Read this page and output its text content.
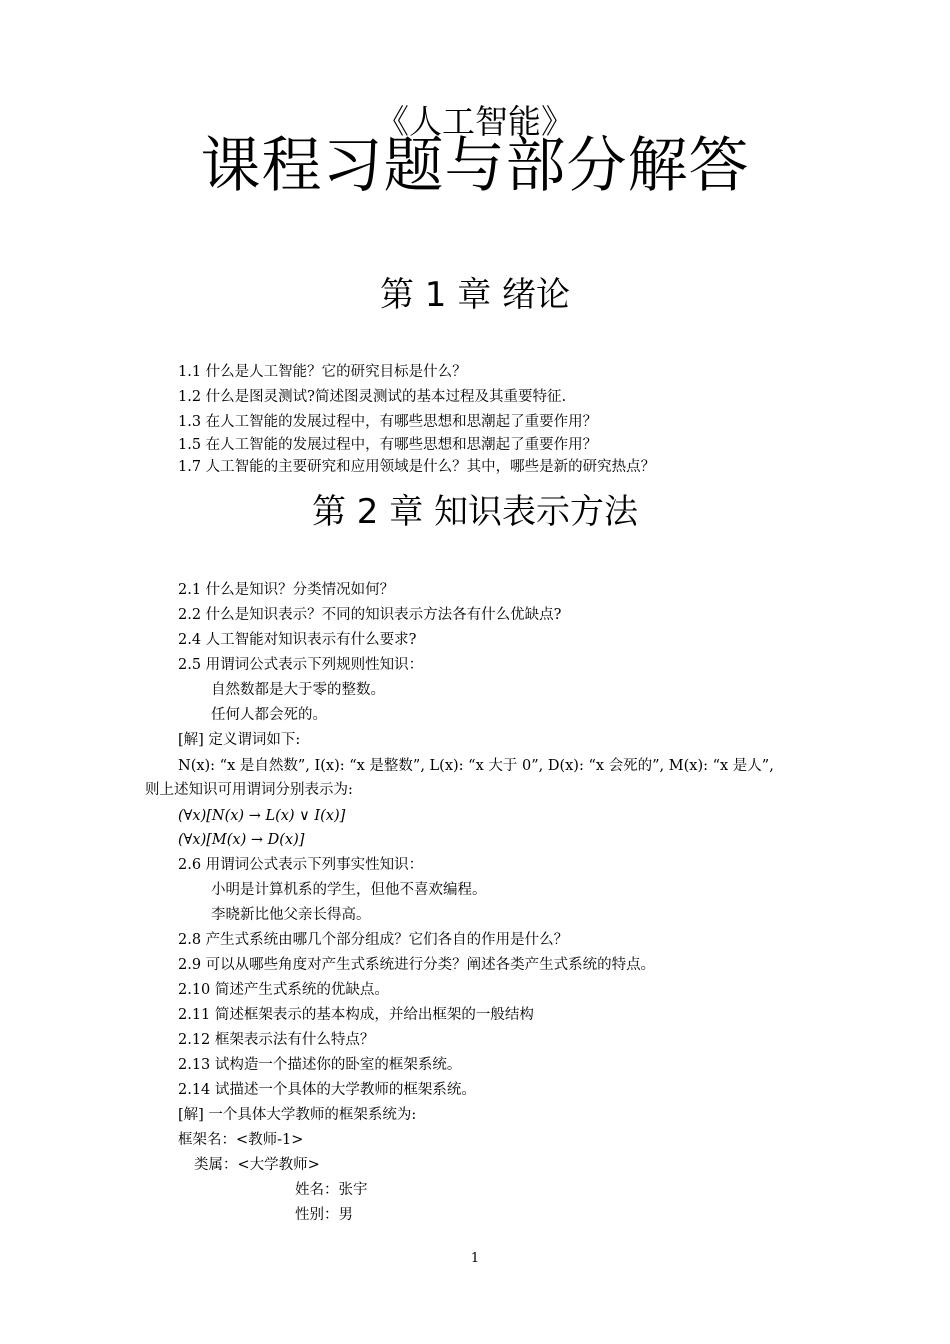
《人工智能》
课程习题与部分解答
第 1 章 绪论
1.1 什么是人工智能？它的研究目标是什么？
1.2 什么是图灵测试?简述图灵测试的基本过程及其重要特征.
1.3 在人工智能的发展过程中，有哪些思想和思潮起了重要作用？
1.5 在人工智能的发展过程中，有哪些思想和思潮起了重要作用？
1.7 人工智能的主要研究和应用领域是什么？其中，哪些是新的研究热点？
第 2 章 知识表示方法
2.1 什么是知识？分类情况如何？
2.2 什么是知识表示？不同的知识表示方法各有什么优缺点?
2.4 人工智能对知识表示有什么要求?
2.5 用谓词公式表示下列规则性知识：
自然数都是大于零的整数。
任何人都会死的。
[解] 定义谓词如下:
N(x): “x 是自然数”, I(x): “x 是整数”, L(x): “x 大于 0”, D(x): “x 会死的”, M(x): “x 是人”,
则上述知识可用谓词分别表示为:
(∀x)[N(x) → L(x) ∨ I(x)]
(∀x)[M(x) → D(x)]
2.6 用谓词公式表示下列事实性知识：
小明是计算机系的学生，但他不喜欢编程。
李晓新比他父亲长得高。
2.8 产生式系统由哪几个部分组成？它们各自的作用是什么？
2.9 可以从哪些角度对产生式系统进行分类？阐述各类产生式系统的特点。
2.10 简述产生式系统的优缺点。
2.11 简述框架表示的基本构成，并给出框架的一般结构
2.12 框架表示法有什么特点？
2.13 试构造一个描述你的卧室的框架系统。
2.14 试描述一个具体的大学教师的框架系统。
[解] 一个具体大学教师的框架系统为:
框架名：<教师-1>
类属：<大学教师>
姓名：张宇
性别：男
1
